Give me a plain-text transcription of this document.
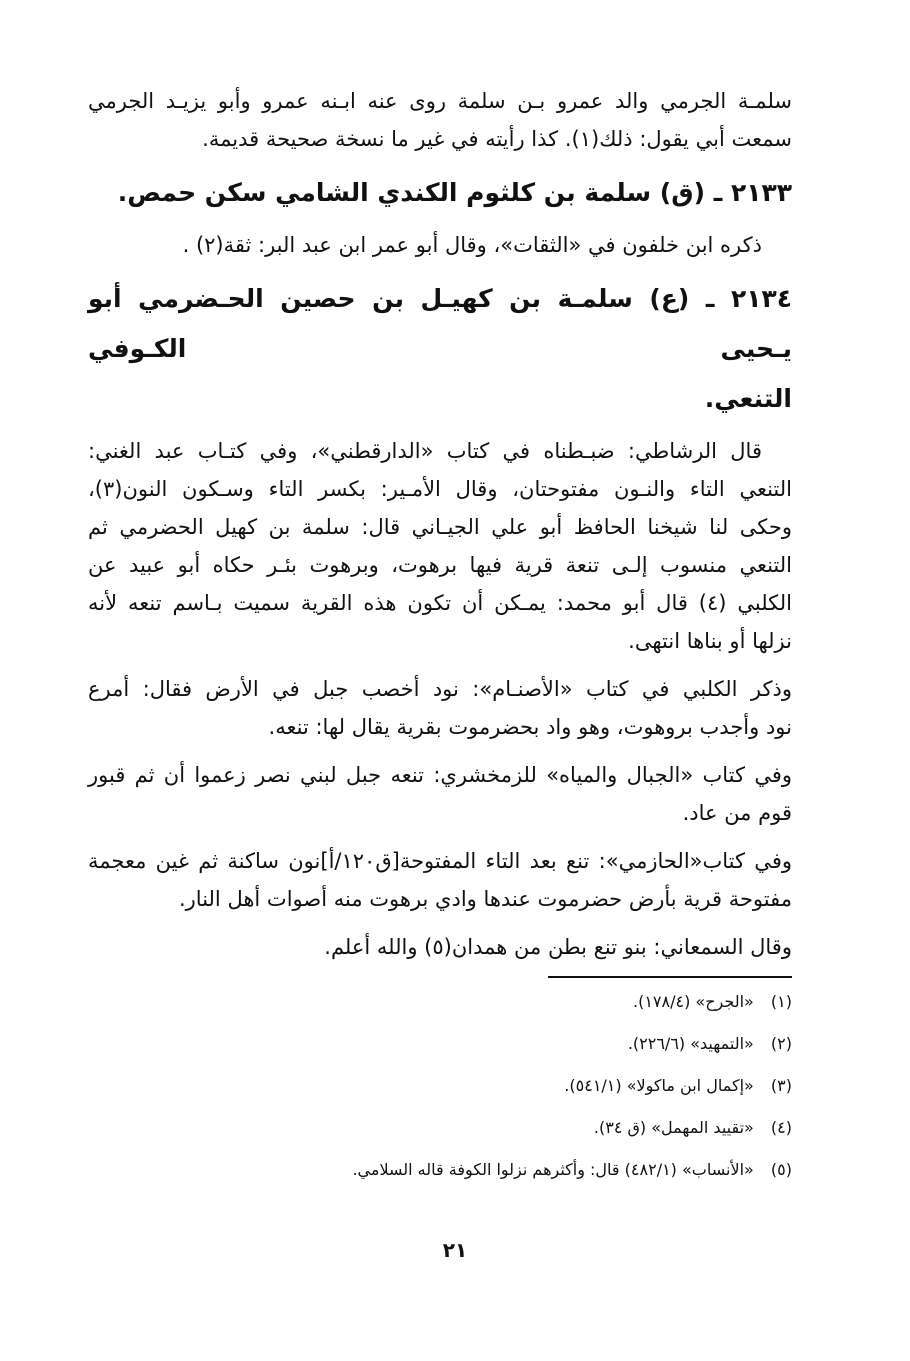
سلمـة الجرمي والد عمرو بـن سلمة روى عنه ابـنه عمرو وأبو يزيـد الجرمي
سمعت أبي يقول: ذلك(١). كذا رأيته في غير ما نسخة صحيحة قديمة.
٢١٣٣ ـ (ق) سلمة بن كلثوم الكندي الشامي سكن حمص.
ذكره ابن خلفون في «الثقات»، وقال أبو عمر ابن عبد البر: ثقة(٢) .
٢١٣٤ ـ (ع) سلمـة بن كهيـل بن حصين الحـضرمي أبو يـحيى الكـوفي
التنعي.
قال الرشاطي: ضبـطناه في كتاب «الدارقطني»، وفي كتـاب عبد الغني:
التنعي التاء والنـون مفتوحتان، وقال الأمـير: بكسر التاء وسـكون النون(٣)،
وحكى لنا شيخنا الحافظ أبو علي الجيـاني قال: سلمة بن كهيل الحضرمي ثم
التنعي منسوب إلـى تنعة قرية فيها برهوت، وبرهوت بئـر حكاه أبو عبيد عن
الكلبي (٤) قال أبو محمد: يمـكن أن تكون هذه القرية سميت بـاسم تنعه لأنه
نزلها أو بناها انتهى.
وذكر الكلبي في كتاب «الأصنـام»: نود أخصب جبل في الأرض فقال: أمرع
نود وأجدب بروهوت، وهو واد بحضرموت بقرية يقال لها: تنعه.
وفي كتاب «الجبال والمياه» للزمخشري: تنعه جبل لبني نصر زعموا أن ثم قبور
قوم من عاد.
وفي كتاب«الحازمي»: تنع بعد التاء المفتوحة[ق١٢٠/أ]نون ساكنة ثم غين معجمة
مفتوحة قرية بأرض حضرموت عندها وادي برهوت منه أصوات أهل النار.
وقال السمعاني: بنو تنع بطن من همدان(٥) والله أعلم.
(١) «الجرح» (١٧٨/٤).
(٢) «التمهيد» (٢٢٦/٦).
(٣) «إكمال ابن ماكولا» (٥٤١/١).
(٤) «تقييد المهمل» (ق ٣٤).
(٥) «الأنساب» (٤٨٢/١) قال: وأكثرهم نزلوا الكوفة قاله السلامي.
٢١
